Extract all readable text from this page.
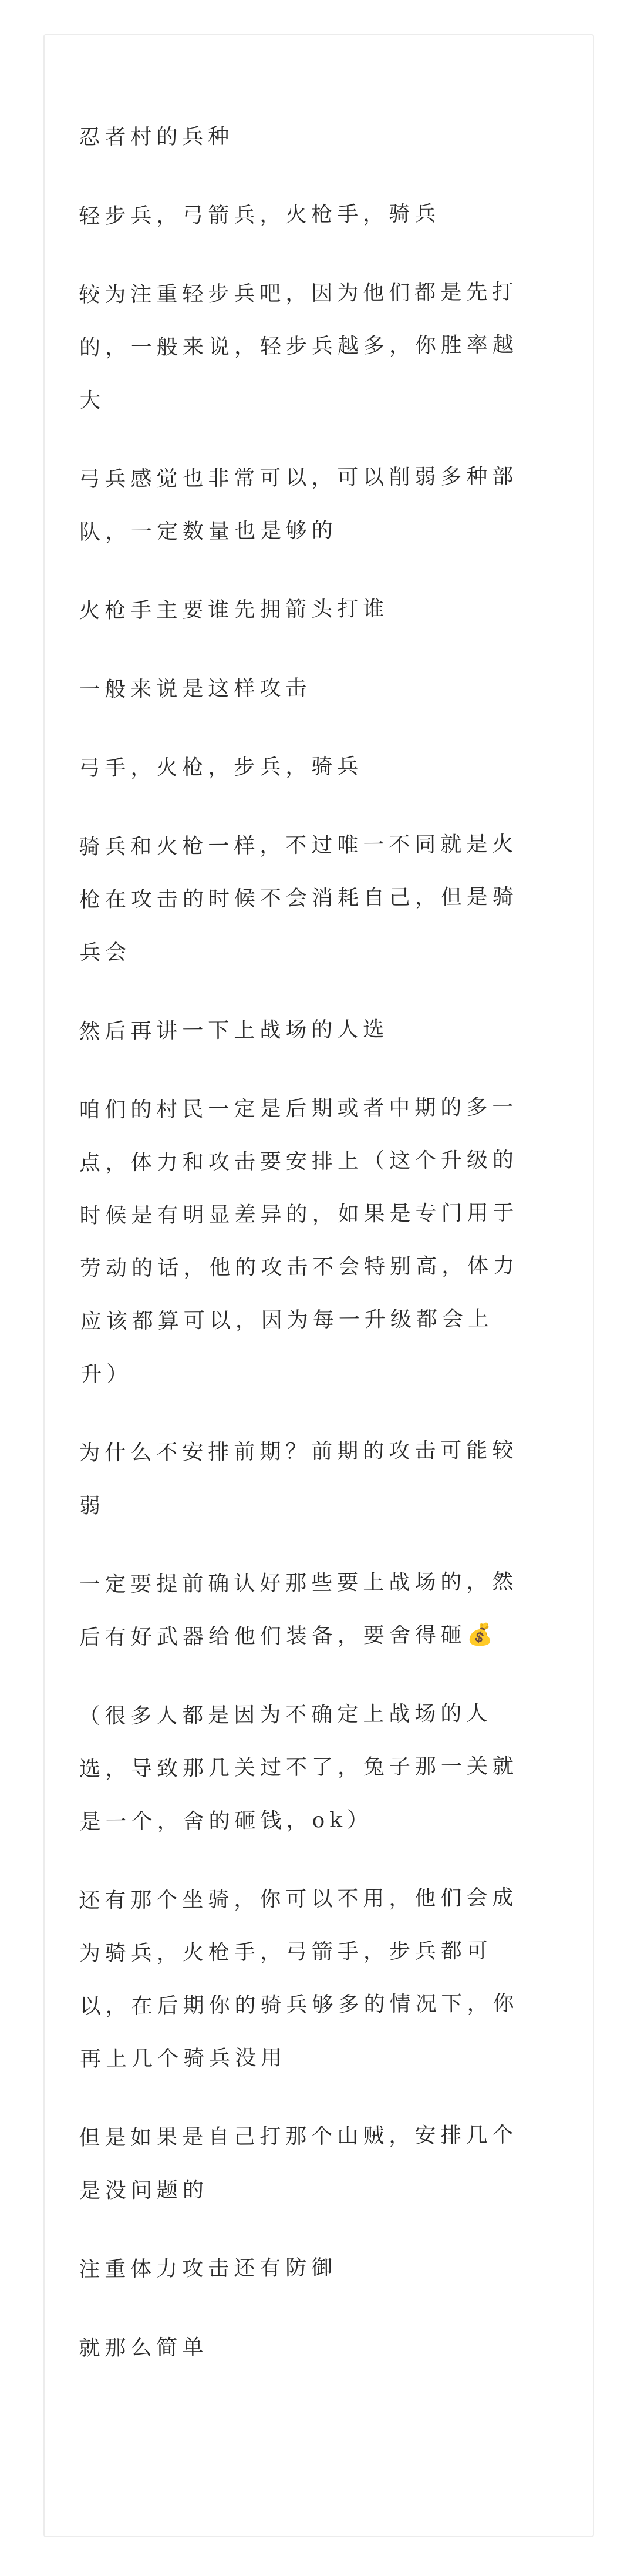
忍者村的兵种

轻步兵，弓箭兵，火枪手，骑兵

较为注重轻步兵吧，因为他们都是先打的，一般来说，轻步兵越多，你胜率越大

弓兵感觉也非常可以，可以削弱多种部队，一定数量也是够的

火枪手主要谁先拥箭头打谁

一般来说是这样攻击

弓手，火枪，步兵，骑兵

骑兵和火枪一样，不过唯一不同就是火枪在攻击的时候不会消耗自己，但是骑兵会

然后再讲一下上战场的人选

咱们的村民一定是后期或者中期的多一点，体力和攻击要安排上（这个升级的时候是有明显差异的，如果是专门用于劳动的话，他的攻击不会特别高，体力应该都算可以，因为每一升级都会上升）

为什么不安排前期？前期的攻击可能较弱

一定要提前确认好那些要上战场的，然后有好武器给他们装备，要舍得砸💰

（很多人都是因为不确定上战场的人选，导致那几关过不了，兔子那一关就是一个，舍的砸钱，ok）

还有那个坐骑，你可以不用，他们会成为骑兵，火枪手，弓箭手，步兵都可以，在后期你的骑兵够多的情况下，你再上几个骑兵没用

但是如果是自己打那个山贼，安排几个是没问题的

注重体力攻击还有防御

就那么简单
